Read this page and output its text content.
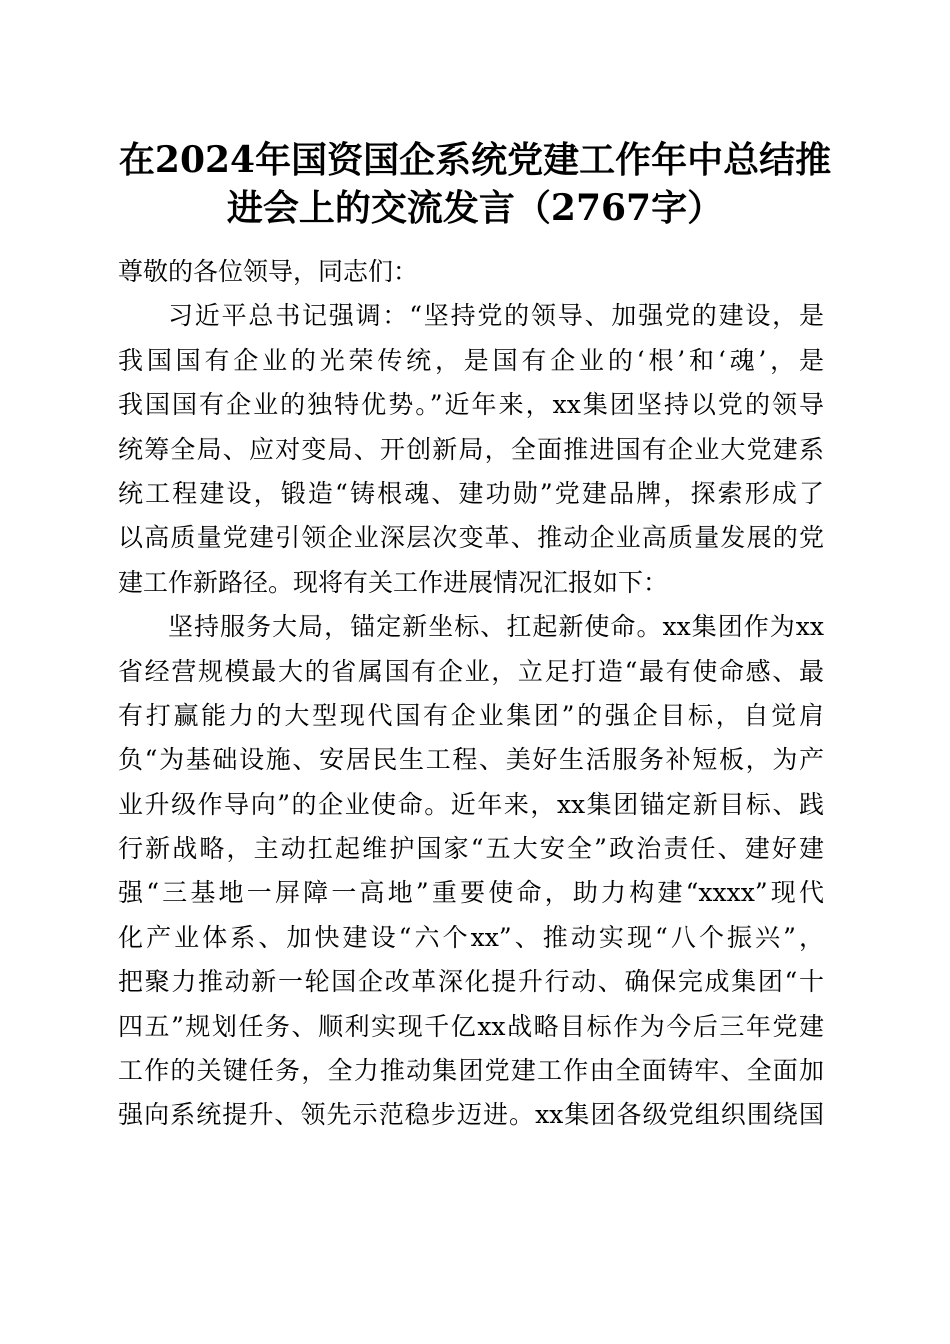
在2024年国资国企系统党建工作年中总结推
进会上的交流发言（2767字）
尊敬的各位领导，同志们：
习近平总书记强调：“坚持党的领导、加强党的建设，是
我国国有企业的光荣传统，是国有企业的‘根’和‘魂’，是
我国国有企业的独特优势。”近年来，xx集团坚持以党的领导
统筹全局、应对变局、开创新局，全面推进国有企业大党建系
统工程建设，锻造“铸根魂、建功勋”党建品牌，探索形成了
以高质量党建引领企业深层次变革、推动企业高质量发展的党
建工作新路径。现将有关工作进展情况汇报如下：
坚持服务大局，锚定新坐标、扛起新使命。xx集团作为xx
省经营规模最大的省属国有企业，立足打造“最有使命感、最
有打赢能力的大型现代国有企业集团”的强企目标，自觉肩
负“为基础设施、安居民生工程、美好生活服务补短板，为产
业升级作导向”的企业使命。近年来，xx集团锚定新目标、践
行新战略，主动扛起维护国家“五大安全”政治责任、建好建
强“三基地一屏障一高地”重要使命，助力构建“xxxx”现代
化产业体系、加快建设“六个xx”、推动实现“八个振兴”，
把聚力推动新一轮国企改革深化提升行动、确保完成集团“十
四五”规划任务、顺利实现千亿xx战略目标作为今后三年党建
工作的关键任务，全力推动集团党建工作由全面铸牢、全面加
强向系统提升、领先示范稳步迈进。xx集团各级党组织围绕国
